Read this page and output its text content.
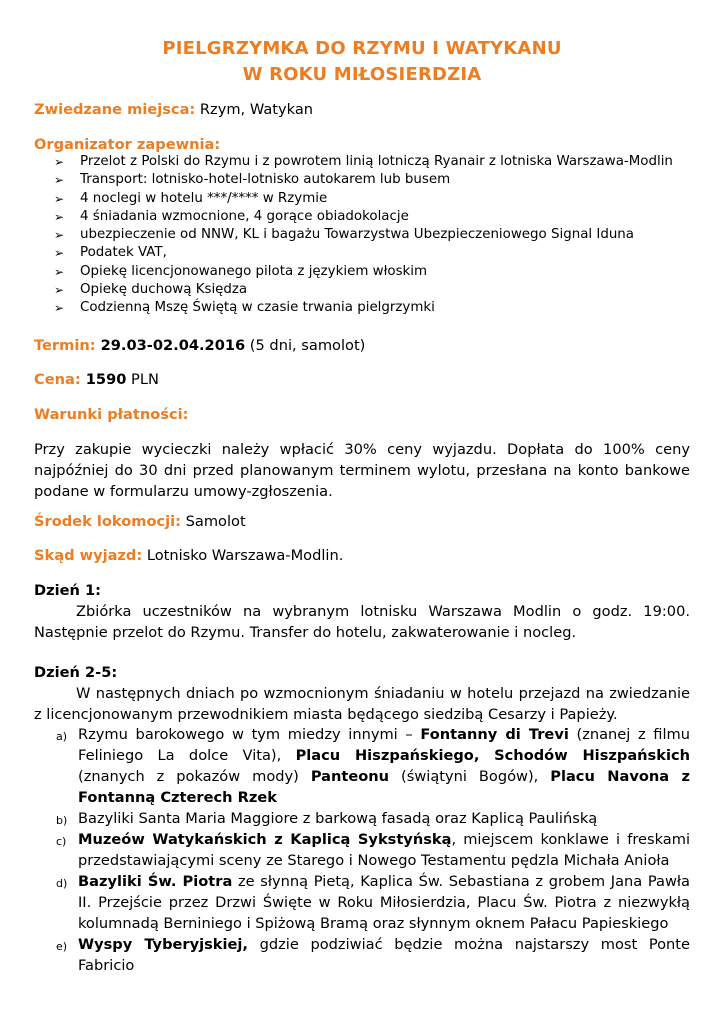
PIELGRZYMKA DO RZYMU I WATYKANU
W ROKU MIŁOSIERDZIA
Zwiedzane miejsca: Rzym, Watykan
Organizator zapewnia:
➢ Przelot z Polski do Rzymu i z powrotem linią lotniczą Ryanair z lotniska Warszawa-Modlin
➢ Transport: lotnisko-hotel-lotnisko autokarem lub busem
➢ 4 noclegi w hotelu ***/**** w Rzymie
➢ 4 śniadania wzmocnione, 4 gorące obiadokolacje
➢ ubezpieczenie od NNW, KL i bagażu Towarzystwa Ubezpieczeniowego Signal Iduna
➢ Podatek VAT,
➢ Opiekę licencjonowanego pilota z językiem włoskim
➢ Opiekę duchową Księdza
➢ Codzienną Mszę Świętą w czasie trwania pielgrzymki
Termin: 29.03-02.04.2016 (5 dni, samolot)
Cena: 1590 PLN
Warunki płatności:
Przy zakupie wycieczki należy wpłacić 30% ceny wyjazdu. Dopłata do 100% ceny najpóźniej do 30 dni przed planowanym terminem wylotu, przesłana na konto bankowe podane w formularzu umowy-zgłoszenia.
Środek lokomocji: Samolot
Skąd wyjazd: Lotnisko Warszawa-Modlin.
Dzień 1:
Zbiórka uczestników na wybranym lotnisku Warszawa Modlin o godz. 19:00. Następnie przelot do Rzymu. Transfer do hotelu, zakwaterowanie i nocleg.
Dzień 2-5:
W następnych dniach po wzmocnionym śniadaniu w hotelu przejazd na zwiedzanie z licencjonowanym przewodnikiem miasta będącego siedzibą Cesarzy i Papieży.
a) Rzymu barokowego w tym miedzy innymi – Fontanny di Trevi (znanej z filmu Feliniego La dolce Vita), Placu Hiszpańskiego, Schodów Hiszpańskich (znanych z pokazów mody) Panteonu (świątyni Bogów), Placu Navona z Fontanną Czterech Rzek
b) Bazyliki Santa Maria Maggiore z barkową fasadą oraz Kaplicą Paulińską
c) Muzeów Watykańskich z Kaplicą Sykstyńską, miejscem konklawe i freskami przedstawiającymi sceny ze Starego i Nowego Testamentu pędzla Michała Anioła
d) Bazyliki Św. Piotra ze słynną Pietą, Kaplica Św. Sebastiana z grobem Jana Pawła II. Przejście przez Drzwi Święte w Roku Miłosierdzia, Placu Św. Piotra z niezwykłą kolumnadą Berniniego i Spiżową Bramą oraz słynnym oknem Pałacu Papieskiego
e) Wyspy Tyberyjskiej, gdzie podziwiać będzie można najstarszy most Ponte Fabricio
